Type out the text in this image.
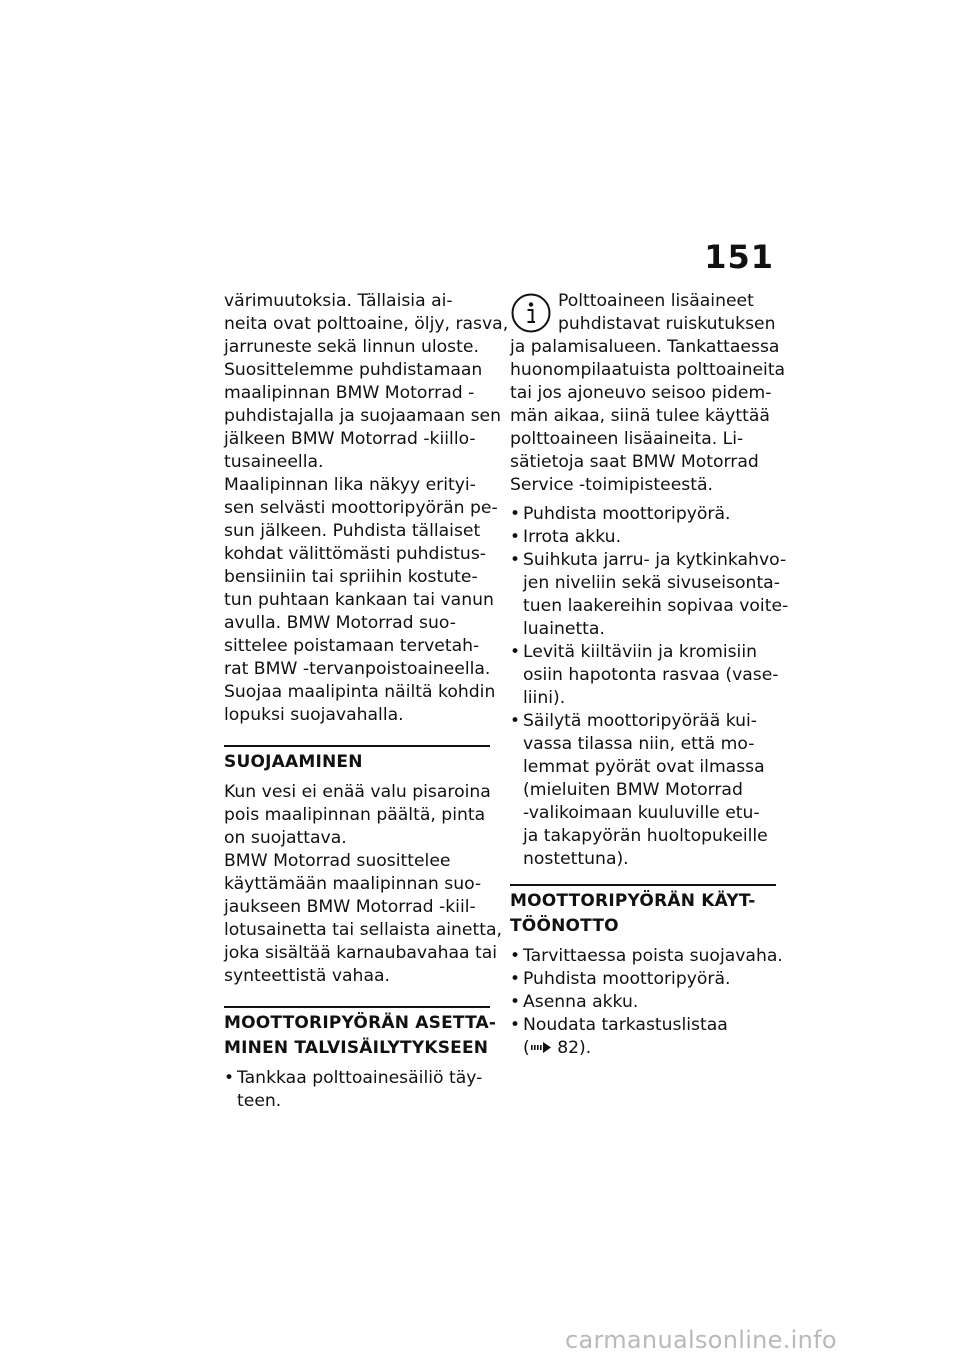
151
värimuutoksia. Tällaisia ai-
neita ovat polttoaine, öljy, rasva,
jarruneste sekä linnun uloste.
Suosittelemme puhdistamaan
maalipinnan BMW Motorrad -
puhdistajalla ja suojaamaan sen
jälkeen BMW Motorrad -kiillo-
tusaineella.
Maalipinnan lika näkyy erityi-
sen selvästi moottoripyörän pe-
sun jälkeen. Puhdista tällaiset
kohdat välittömästi puhdistus-
bensiiniin tai spriihin kostute-
tun puhtaan kankaan tai vanun
avulla. BMW Motorrad suo-
sittelee poistamaan tervetah-
rat BMW -tervanpoistoaineella.
Suojaa maalipinta näiltä kohdin
lopuksi suojavahalla.
SUOJAAMINEN
Kun vesi ei enää valu pisaroina
pois maalipinnan päältä, pinta
on suojattava.
BMW Motorrad suosittelee
käyttämään maalipinnan suo-
jaukseen BMW Motorrad -kiil-
lotusainetta tai sellaista ainetta,
joka sisältää karnaubavahaa tai
synteettistä vahaa.
MOOTTORIPYÖRÄN ASETTA-
MINEN TALVISÄILYTYKSEEN
• Tankkaa polttoainesäiliö täy-
teen.
Polttoaineen lisäaineet
puhdistavat ruiskutuksen
ja palamisalueen. Tankattaessa
huonompilaatuista polttoaineita
tai jos ajoneuvo seisoo pidem-
män aikaa, siinä tulee käyttää
polttoaineen lisäaineita. Li-
sätietoja saat BMW Motorrad
Service -toimipisteestä.
• Puhdista moottoripyörä.
• Irrota akku.
• Suihkuta jarru- ja kytkinkahvo-
jen niveliin sekä sivuseisonta-
tuen laakereihin sopivaa voite-
luainetta.
• Levitä kiiltäviin ja kromisiin
osiin hapotonta rasvaa (vase-
liini).
• Säilytä moottoripyörää kui-
vassa tilassa niin, että mo-
lemmat pyörät ovat ilmassa
(mieluiten BMW Motorrad
-valikoimaan kuuluville etu-
ja takapyörän huoltopukeille
nostettuna).
MOOTTORIPYÖRÄN KÄYT-
TÖÖNOTTO
• Tarvittaessa poista suojavaha.
• Puhdista moottoripyörä.
• Asenna akku.
• Noudata tarkastuslistaa
( 82).
carmanualsonline.info
